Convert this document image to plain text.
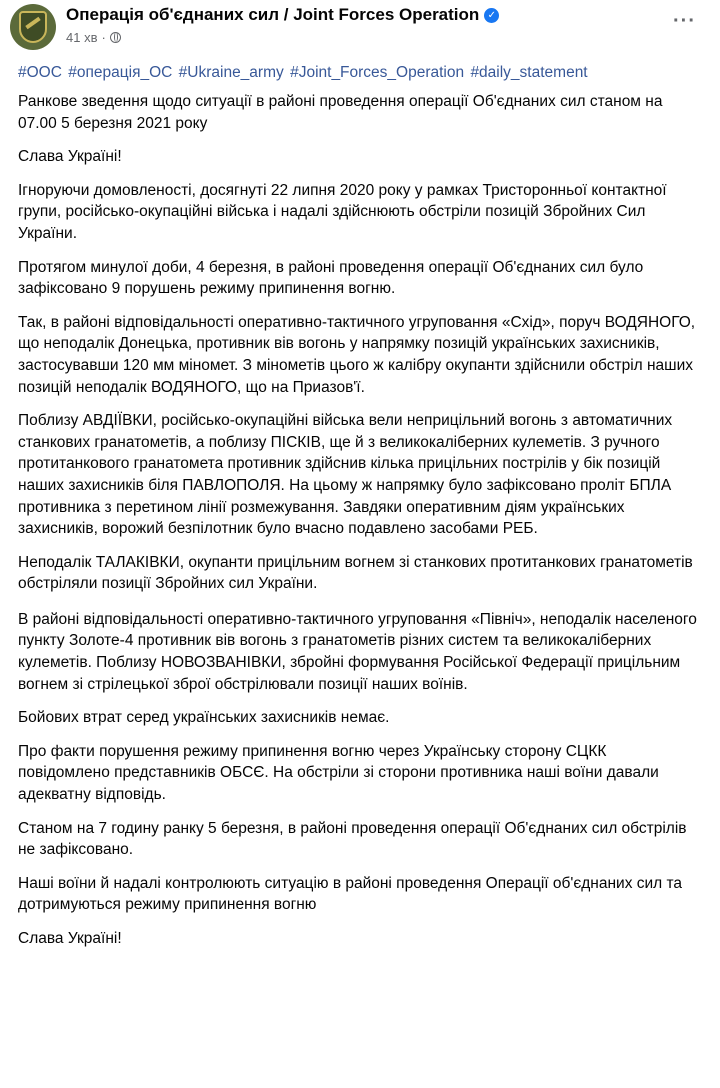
Операція об'єднаних сил / Joint Forces Operation ✓
41 хв ·
···
#ООС #операція_ОС #Ukraine_army #Joint_Forces_Operation #daily_statement

Ранкове зведення щодо ситуації в районі проведення операції Об'єднаних сил станом на 07.00 5 березня 2021 року

Слава Україні!

Ігноруючи домовленості, досягнуті 22 липня 2020 року у рамках Тристоронньої контактної групи, російсько-окупаційні війська і надалі здійснюють обстріли позицій Збройних Сил України.

Протягом минулої доби, 4 березня, в районі проведення операції Об'єднаних сил було зафіксовано 9 порушень режиму припинення вогню.

Так, в районі відповідальності оперативно-тактичного угруповання «Схід», поруч ВОДЯНОГО, що неподалік Донецька, противник вів вогонь у напрямку позицій українських захисників, застосувавши 120 мм міномет. З мінометів цього ж калібру окупанти здійснили обстріл наших позицій неподалік ВОДЯНОГО, що на Приазов'ї.

Поблизу АВДІЇВКИ, російсько-окупаційні війська вели неприцільний вогонь з автоматичних станкових гранатометів, а поблизу ПІСКІВ, ще й з великокаліберних кулеметів. З ручного протитанкового гранатомета противник здійснив кілька прицільних пострілів у бік позицій наших захисників біля ПАВЛОПОЛЯ. На цьому ж напрямку було зафіксовано проліт БПЛА противника з перетином лінії розмежування. Завдяки оперативним діям українських захисників, ворожий безпілотник було вчасно подавлено засобами РЕБ.

Неподалік ТАЛАКІВКИ, окупанти прицільним вогнем зі станкових протитанкових гранатометів обстріляли позиції Збройних сил України.

В районі відповідальності оперативно-тактичного угруповання «Північ», неподалік населеного пункту Золоте-4 противник вів вогонь з гранатометів різних систем та великокаліберних кулеметів. Поблизу НОВОЗВАНІВКИ, збройні формування Російської Федерації прицільним вогнем зі стрілецької зброї обстрілювали позиції наших воїнів.

Бойових втрат серед українських захисників немає.

Про факти порушення режиму припинення вогню через Українську сторону СЦКК повідомлено представників ОБСЄ. На обстріли зі сторони противника наші воїни давали адекватну відповідь.

Станом на 7 годину ранку 5 березня, в районі проведення операції Об'єднаних сил обстрілів не зафіксовано.

Наші воїни й надалі контролюють ситуацію в районі проведення Операції об'єднаних сил та дотримуються режиму припинення вогню

Слава Україні!
